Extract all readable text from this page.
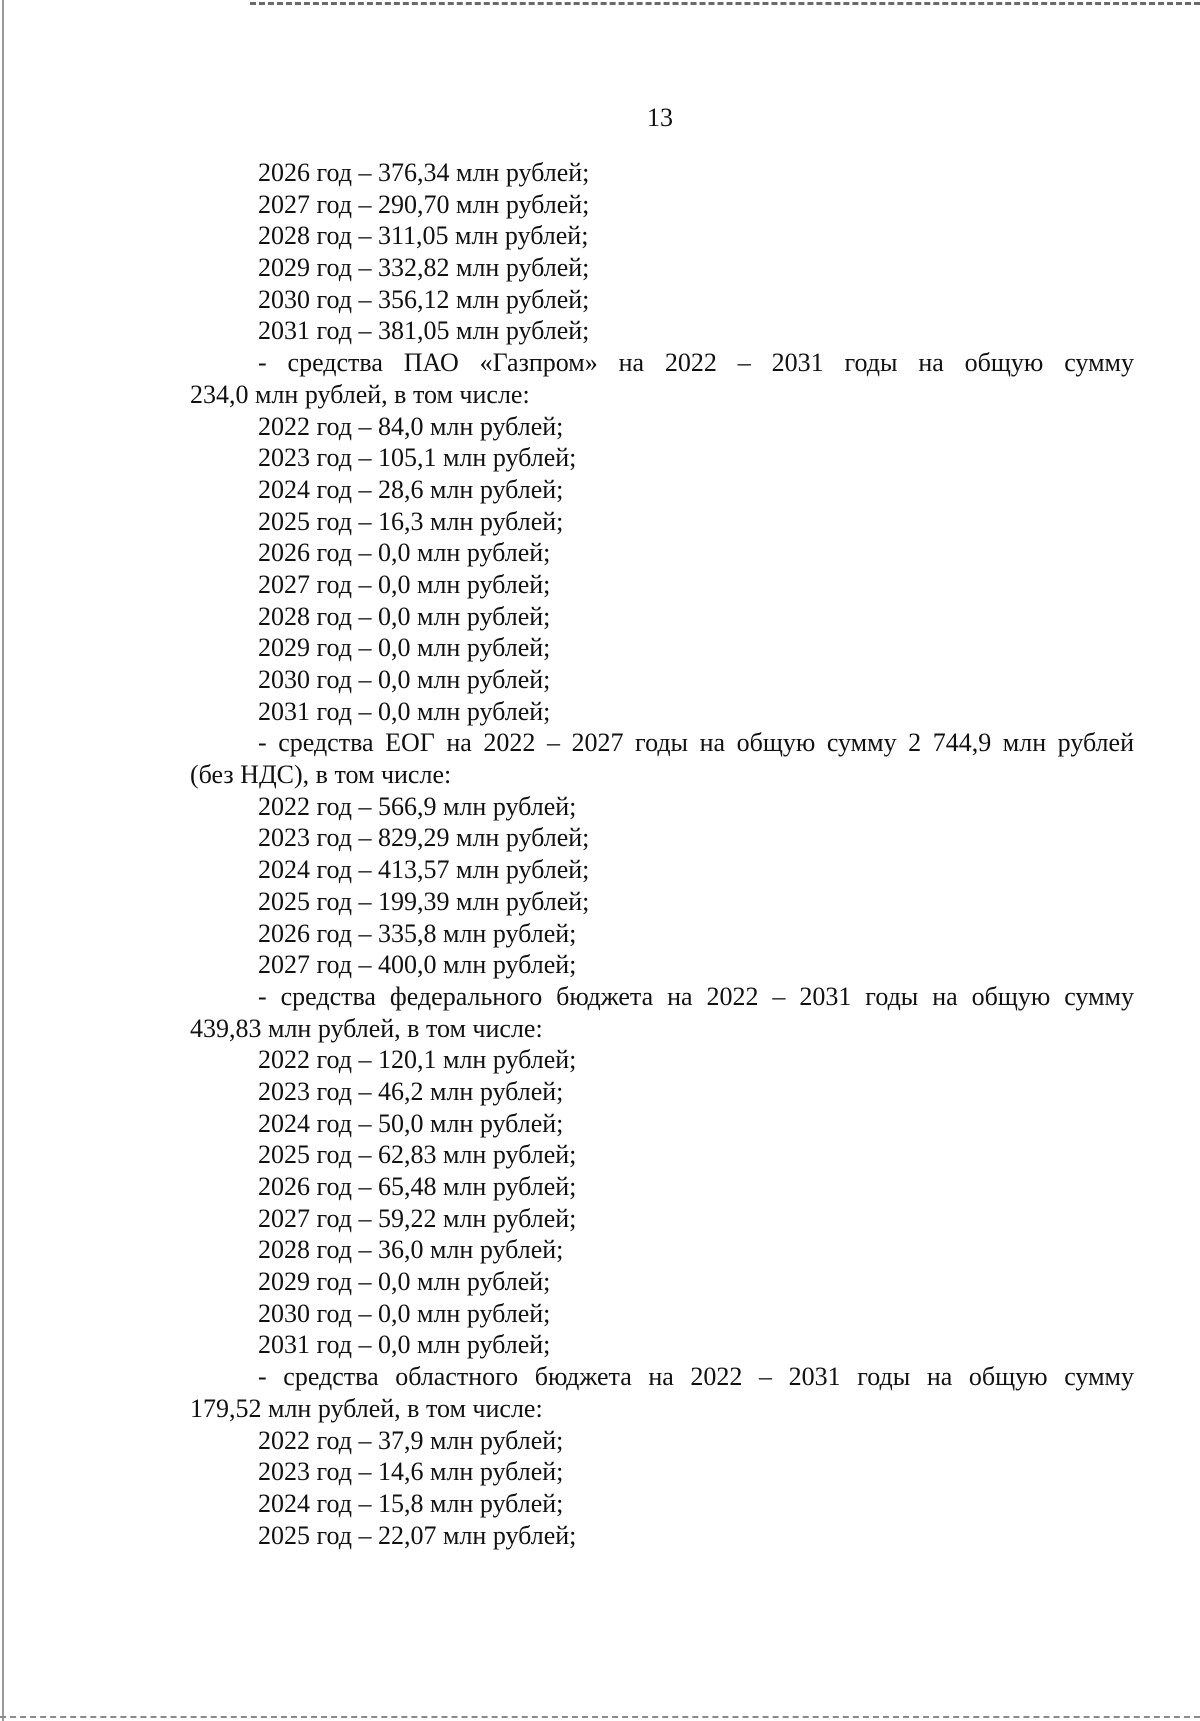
13
2026 год – 376,34 млн рублей;
2027 год – 290,70 млн рублей;
2028 год – 311,05 млн рублей;
2029 год – 332,82 млн рублей;
2030 год – 356,12 млн рублей;
2031 год – 381,05 млн рублей;
- средства ПАО «Газпром» на 2022 – 2031 годы на общую сумму
234,0 млн рублей, в том числе:
2022 год – 84,0 млн рублей;
2023 год – 105,1 млн рублей;
2024 год – 28,6 млн рублей;
2025 год – 16,3 млн рублей;
2026 год – 0,0 млн рублей;
2027 год – 0,0 млн рублей;
2028 год – 0,0 млн рублей;
2029 год – 0,0 млн рублей;
2030 год – 0,0 млн рублей;
2031 год – 0,0 млн рублей;
- средства ЕОГ на 2022 – 2027 годы на общую сумму 2 744,9 млн рублей
(без НДС), в том числе:
2022 год – 566,9 млн рублей;
2023 год – 829,29 млн рублей;
2024 год – 413,57 млн рублей;
2025 год – 199,39 млн рублей;
2026 год – 335,8 млн рублей;
2027 год – 400,0 млн рублей;
- средства федерального бюджета на 2022 – 2031 годы на общую сумму
439,83 млн рублей, в том числе:
2022 год – 120,1 млн рублей;
2023 год – 46,2 млн рублей;
2024 год – 50,0 млн рублей;
2025 год – 62,83 млн рублей;
2026 год – 65,48 млн рублей;
2027 год – 59,22 млн рублей;
2028 год – 36,0 млн рублей;
2029 год – 0,0 млн рублей;
2030 год – 0,0 млн рублей;
2031 год – 0,0 млн рублей;
- средства областного бюджета на 2022 – 2031 годы на общую сумму
179,52 млн рублей, в том числе:
2022 год – 37,9 млн рублей;
2023 год – 14,6 млн рублей;
2024 год – 15,8 млн рублей;
2025 год – 22,07 млн рублей;
